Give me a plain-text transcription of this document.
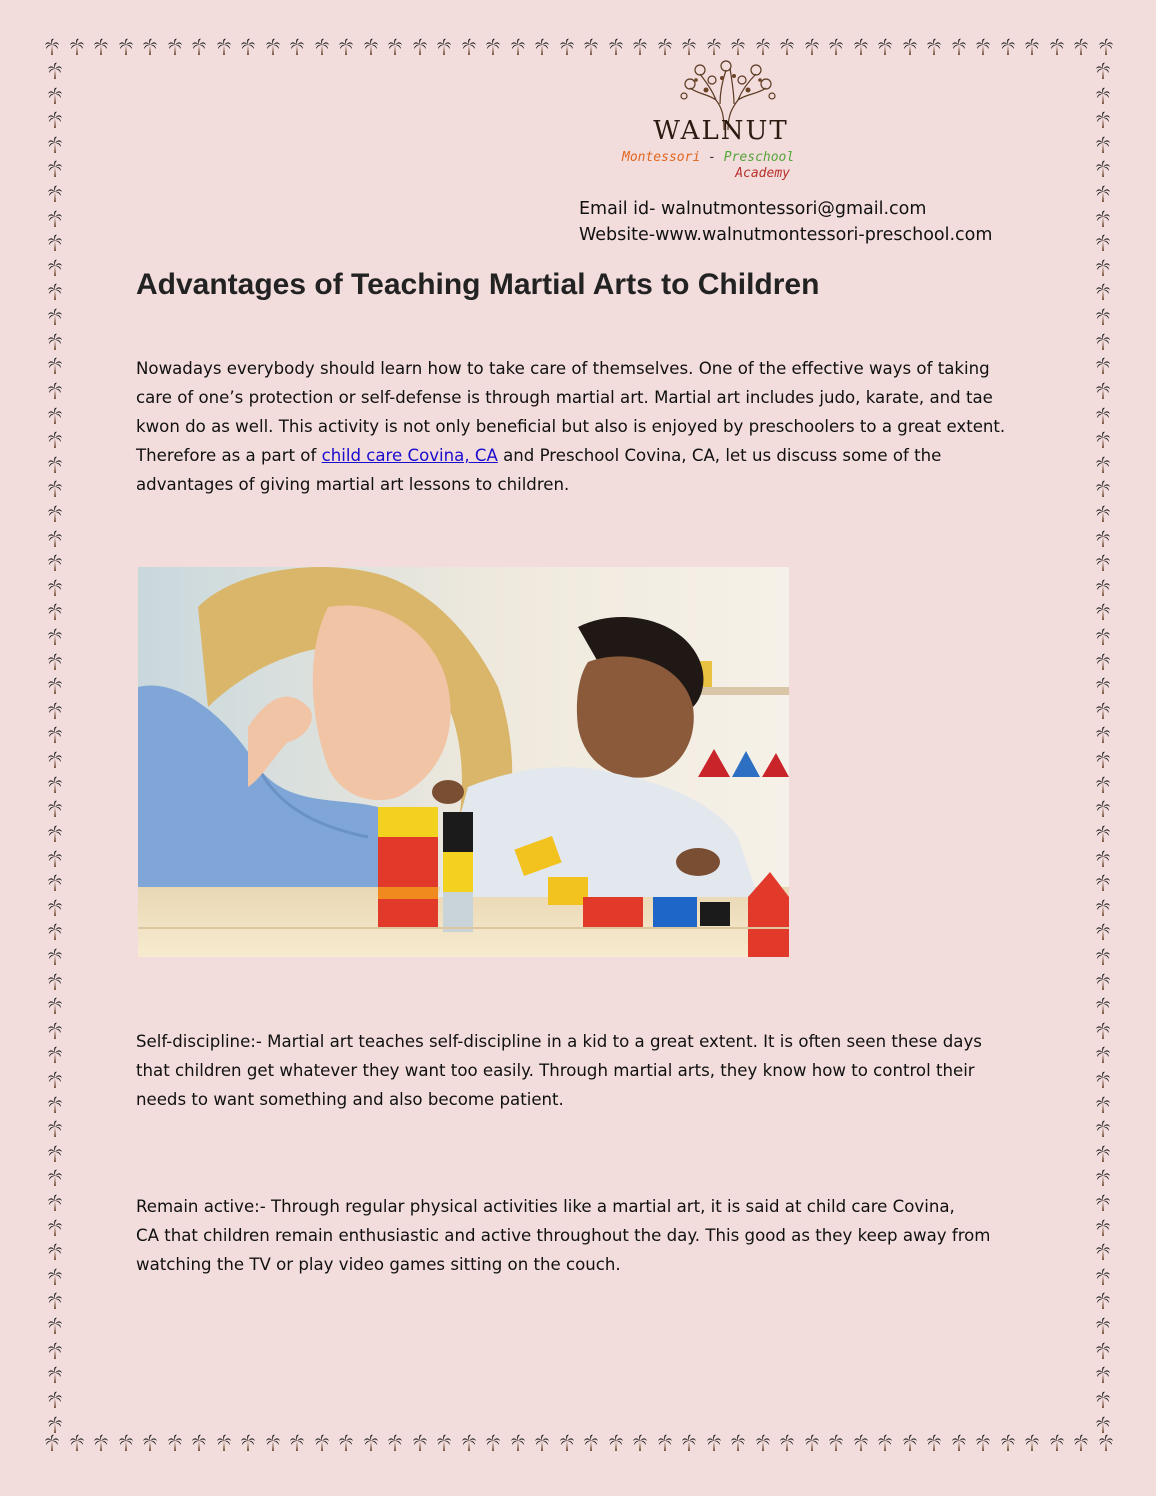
WALNUT
Montessori - Preschool
Academy
Email id- walnutmontessori@gmail.com
Website-www.walnutmontessori-preschool.com
Advantages of Teaching Martial Arts to Children

Nowadays everybody should learn how to take care of themselves. One of the effective ways of taking
care of one’s protection or self-defense is through martial art. Martial art includes judo, karate, and tae
kwon do as well. This activity is not only beneficial but also is enjoyed by preschoolers to a great extent.
Therefore as a part of child care Covina, CA and Preschool Covina, CA, let us discuss some of the
advantages of giving martial art lessons to children.

Self-discipline:- Martial art teaches self-discipline in a kid to a great extent. It is often seen these days
that children get whatever they want too easily. Through martial arts, they know how to control their
needs to want something and also become patient.

Remain active:- Through regular physical activities like a martial art, it is said at child care Covina,
CA that children remain enthusiastic and active throughout the day. This good as they keep away from
watching the TV or play video games sitting on the couch.
